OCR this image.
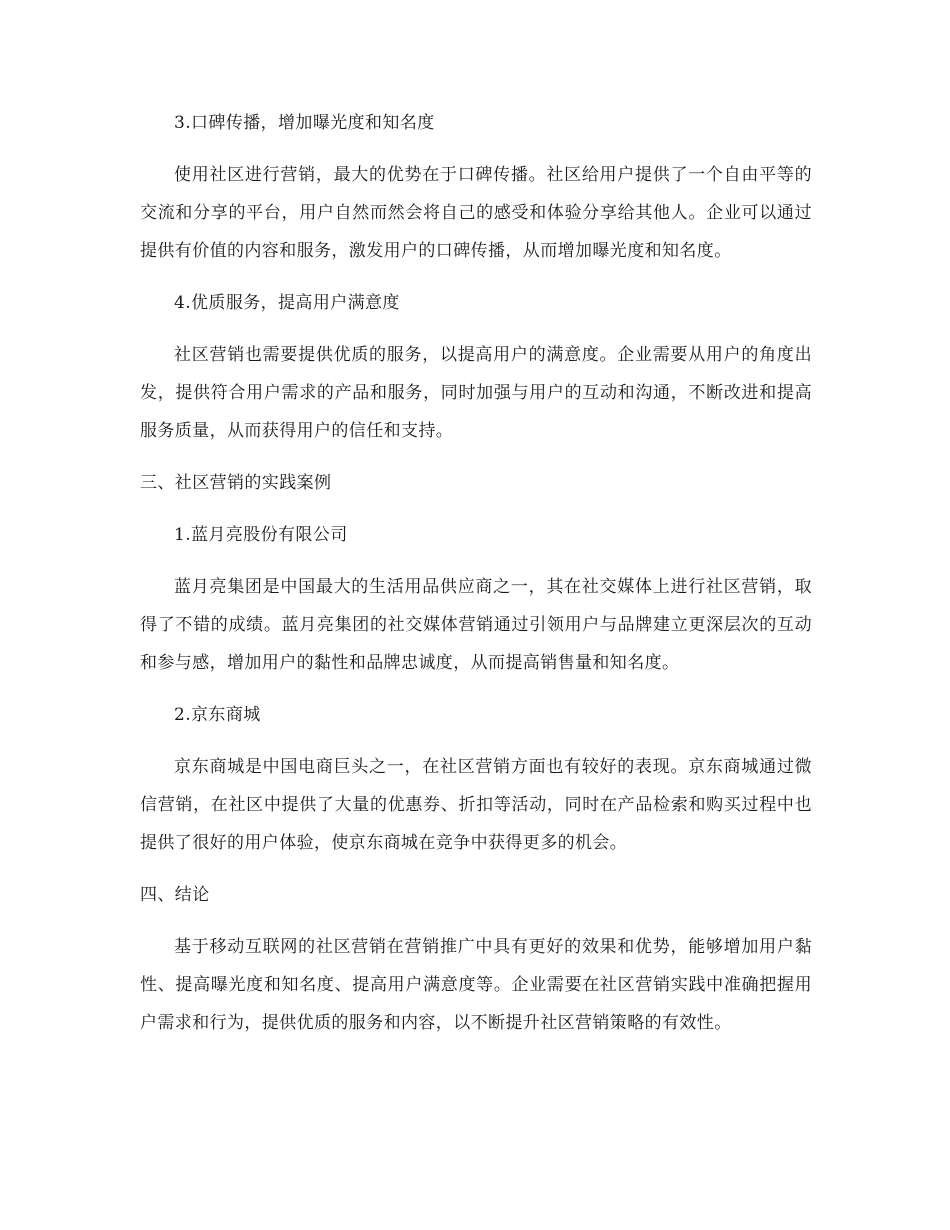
3.口碑传播，增加曝光度和知名度

使用社区进行营销，最大的优势在于口碑传播。社区给用户提供了一个自由平等的交流和分享的平台，用户自然而然会将自己的感受和体验分享给其他人。企业可以通过提供有价值的内容和服务，激发用户的口碑传播，从而增加曝光度和知名度。

4.优质服务，提高用户满意度

社区营销也需要提供优质的服务，以提高用户的满意度。企业需要从用户的角度出发，提供符合用户需求的产品和服务，同时加强与用户的互动和沟通，不断改进和提高服务质量，从而获得用户的信任和支持。

三、社区营销的实践案例

1.蓝月亮股份有限公司

蓝月亮集团是中国最大的生活用品供应商之一，其在社交媒体上进行社区营销，取得了不错的成绩。蓝月亮集团的社交媒体营销通过引领用户与品牌建立更深层次的互动和参与感，增加用户的黏性和品牌忠诚度，从而提高销售量和知名度。

2.京东商城

京东商城是中国电商巨头之一，在社区营销方面也有较好的表现。京东商城通过微信营销，在社区中提供了大量的优惠券、折扣等活动，同时在产品检索和购买过程中也提供了很好的用户体验，使京东商城在竞争中获得更多的机会。

四、结论

基于移动互联网的社区营销在营销推广中具有更好的效果和优势，能够增加用户黏性、提高曝光度和知名度、提高用户满意度等。企业需要在社区营销实践中准确把握用户需求和行为，提供优质的服务和内容，以不断提升社区营销策略的有效性。
